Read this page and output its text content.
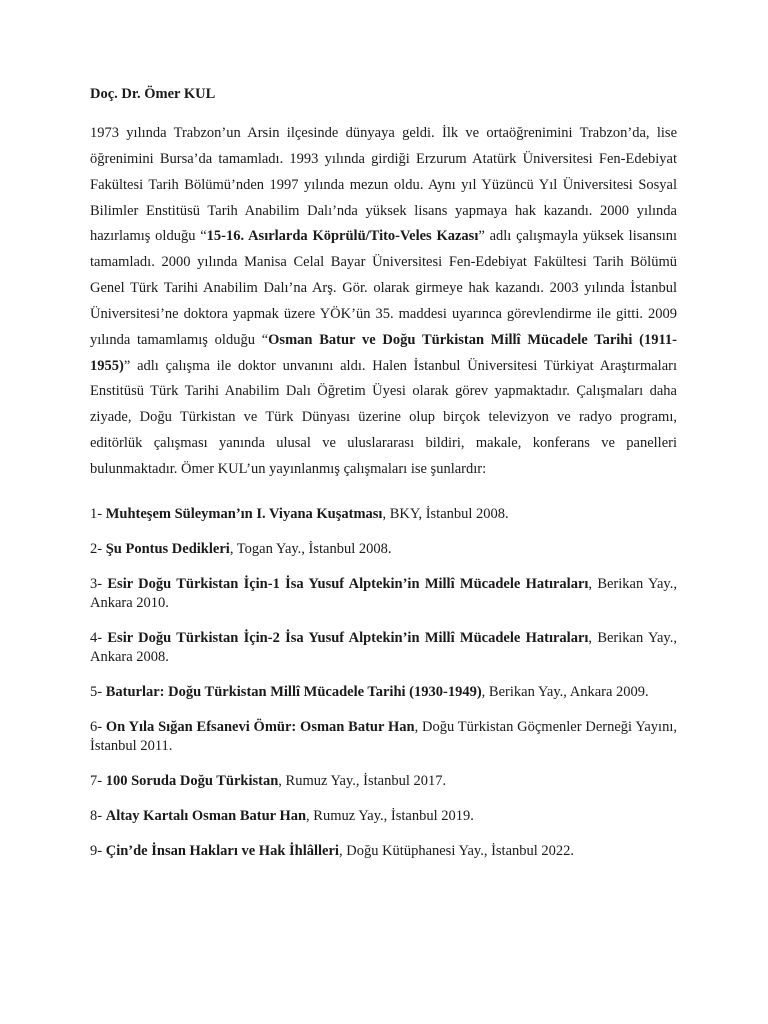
Doç. Dr. Ömer KUL

1973 yılında Trabzon’un Arsin ilçesinde dünyaya geldi. İlk ve ortaöğrenimini Trabzon’da, lise öğrenimini Bursa’da tamamladı. 1993 yılında girdiği Erzurum Atatürk Üniversitesi Fen-Edebiyat Fakültesi Tarih Bölümü’nden 1997 yılında mezun oldu. Aynı yıl Yüzüncü Yıl Üniversitesi Sosyal Bilimler Enstitüsü Tarih Anabilim Dalı’nda yüksek lisans yapmaya hak kazandı. 2000 yılında hazırlamış olduğu “15-16. Asırlarda Köprülü/Tito-Veles Kazası” adlı çalışmayla yüksek lisansını tamamladı. 2000 yılında Manisa Celal Bayar Üniversitesi Fen-Edebiyat Fakültesi Tarih Bölümü Genel Türk Tarihi Anabilim Dalı’na Arş. Gör. olarak girmeye hak kazandı. 2003 yılında İstanbul Üniversitesi’ne doktora yapmak üzere YÖK’ün 35. maddesi uyarınca görevlendirme ile gitti. 2009 yılında tamamlamış olduğu “Osman Batur ve Doğu Türkistan Millî Mücadele Tarihi (1911-1955)” adlı çalışma ile doktor unvanını aldı. Halen İstanbul Üniversitesi Türkiyat Araştırmaları Enstitüsü Türk Tarihi Anabilim Dalı Öğretim Üyesi olarak görev yapmaktadır. Çalışmaları daha ziyade, Doğu Türkistan ve Türk Dünyası üzerine olup birçok televizyon ve radyo programı, editörlük çalışması yanında ulusal ve uluslararası bildiri, makale, konferans ve panelleri bulunmaktadır. Ömer KUL’un yayınlanmış çalışmaları ise şunlardır:

1- Muhteşem Süleyman’ın I. Viyana Kuşatması, BKY, İstanbul 2008.
2- Şu Pontus Dedikleri, Togan Yay., İstanbul 2008.
3- Esir Doğu Türkistan İçin-1 İsa Yusuf Alptekin’in Millî Mücadele Hatıraları, Berikan Yay., Ankara 2010.
4- Esir Doğu Türkistan İçin-2 İsa Yusuf Alptekin’in Millî Mücadele Hatıraları, Berikan Yay., Ankara 2008.
5- Baturlar: Doğu Türkistan Millî Mücadele Tarihi (1930-1949), Berikan Yay., Ankara 2009.
6- On Yıla Sığan Efsanevi Ömür: Osman Batur Han, Doğu Türkistan Göçmenler Derneği Yayını, İstanbul 2011.
7- 100 Soruda Doğu Türkistan, Rumuz Yay., İstanbul 2017.
8- Altay Kartalı Osman Batur Han, Rumuz Yay., İstanbul 2019.
9- Çin’de İnsan Hakları ve Hak İhlâlleri, Doğu Kütüphanesi Yay., İstanbul 2022.
